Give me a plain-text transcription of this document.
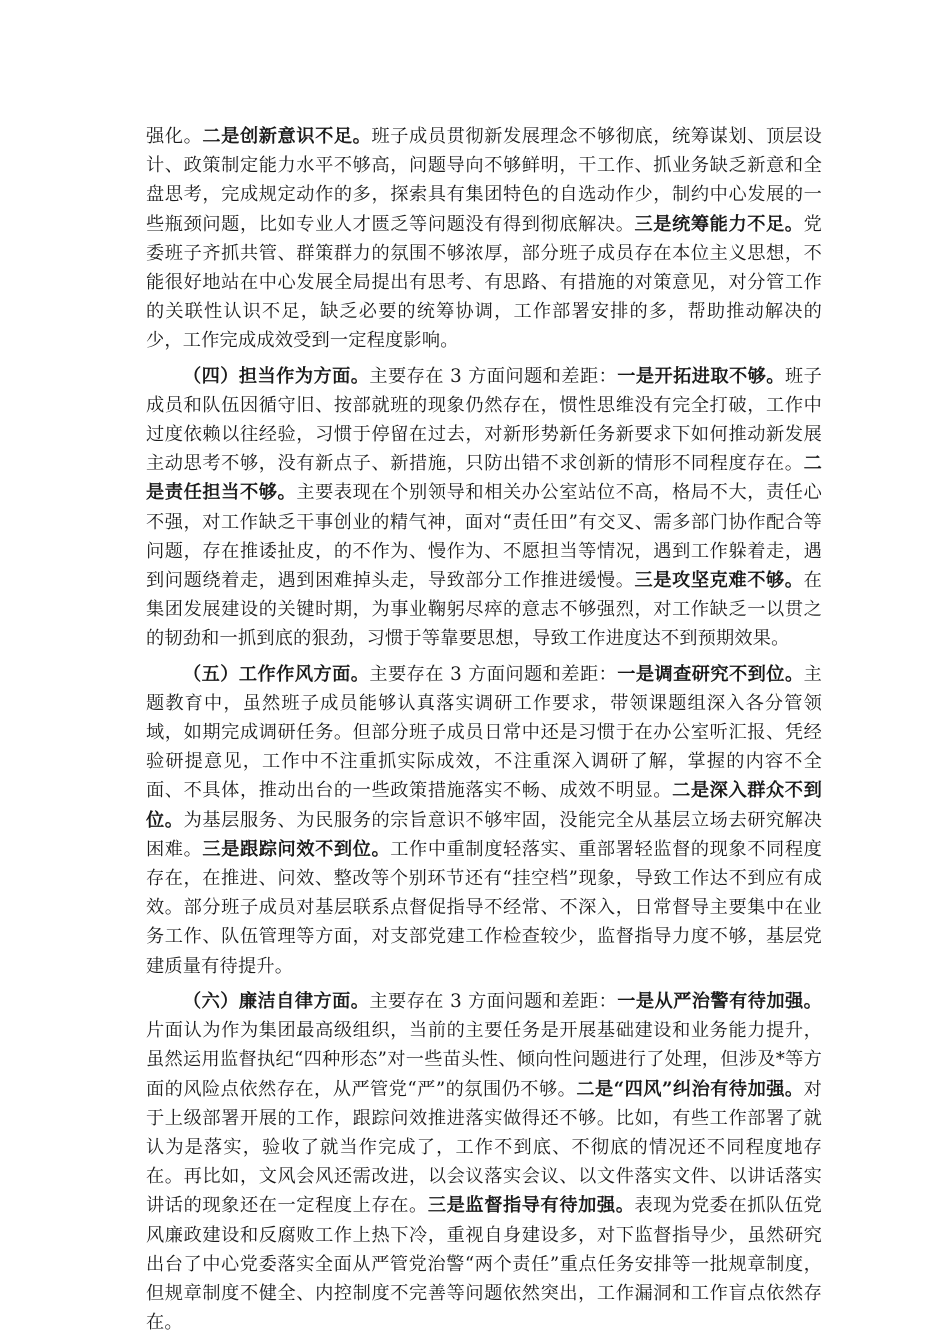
强化。二是创新意识不足。班子成员贯彻新发展理念不够彻底，统筹谋划、顶层设计、政策制定能力水平不够高，问题导向不够鲜明，干工作、抓业务缺乏新意和全盘思考，完成规定动作的多，探索具有集团特色的自选动作少，制约中心发展的一些瓶颈问题，比如专业人才匮乏等问题没有得到彻底解决。三是统筹能力不足。党委班子齐抓共管、群策群力的氛围不够浓厚，部分班子成员存在本位主义思想，不能很好地站在中心发展全局提出有思考、有思路、有措施的对策意见，对分管工作的关联性认识不足，缺乏必要的统筹协调，工作部署安排的多，帮助推动解决的少，工作完成成效受到一定程度影响。

（四）担当作为方面。主要存在 3 方面问题和差距：一是开拓进取不够。班子成员和队伍因循守旧、按部就班的现象仍然存在，惯性思维没有完全打破，工作中过度依赖以往经验，习惯于停留在过去，对新形势新任务新要求下如何推动新发展主动思考不够，没有新点子、新措施，只防出错不求创新的情形不同程度存在。二是责任担当不够。主要表现在个别领导和相关办公室站位不高，格局不大，责任心不强，对工作缺乏干事创业的精气神，面对“责任田”有交叉、需多部门协作配合等问题，存在推诿扯皮，的不作为、慢作为、不愿担当等情况，遇到工作躲着走，遇到问题绕着走，遇到困难掉头走，导致部分工作推进缓慢。三是攻坚克难不够。在集团发展建设的关键时期，为事业鞠躬尽瘁的意志不够强烈，对工作缺乏一以贯之的韧劲和一抓到底的狠劲，习惯于等靠要思想，导致工作进度达不到预期效果。

（五）工作作风方面。主要存在 3 方面问题和差距：一是调查研究不到位。主题教育中，虽然班子成员能够认真落实调研工作要求，带领课题组深入各分管领域，如期完成调研任务。但部分班子成员日常中还是习惯于在办公室听汇报、凭经验研提意见，工作中不注重抓实际成效，不注重深入调研了解，掌握的内容不全面、不具体，推动出台的一些政策措施落实不畅、成效不明显。二是深入群众不到位。为基层服务、为民服务的宗旨意识不够牢固，没能完全从基层立场去研究解决困难。三是跟踪问效不到位。工作中重制度轻落实、重部署轻监督的现象不同程度存在，在推进、问效、整改等个别环节还有“挂空档”现象，导致工作达不到应有成效。部分班子成员对基层联系点督促指导不经常、不深入，日常督导主要集中在业务工作、队伍管理等方面，对支部党建工作检查较少，监督指导力度不够，基层党建质量有待提升。

（六）廉洁自律方面。主要存在 3 方面问题和差距：一是从严治警有待加强。片面认为作为集团最高级组织，当前的主要任务是开展基础建设和业务能力提升，虽然运用监督执纪“四种形态”对一些苗头性、倾向性问题进行了处理，但涉及*等方面的风险点依然存在，从严管党“严”的氛围仍不够。二是“四风”纠治有待加强。对于上级部署开展的工作，跟踪问效推进落实做得还不够。比如，有些工作部署了就认为是落实，验收了就当作完成了，工作不到底、不彻底的情况还不同程度地存在。再比如，文风会风还需改进，以会议落实会议、以文件落实文件、以讲话落实讲话的现象还在一定程度上存在。三是监督指导有待加强。表现为党委在抓队伍党风廉政建设和反腐败工作上热下冷，重视自身建设多，对下监督指导少，虽然研究出台了中心党委落实全面从严管党治警“两个责任”重点任务安排等一批规章制度，但规章制度不健全、内控制度不完善等问题依然突出，工作漏洞和工作盲点依然存在。
